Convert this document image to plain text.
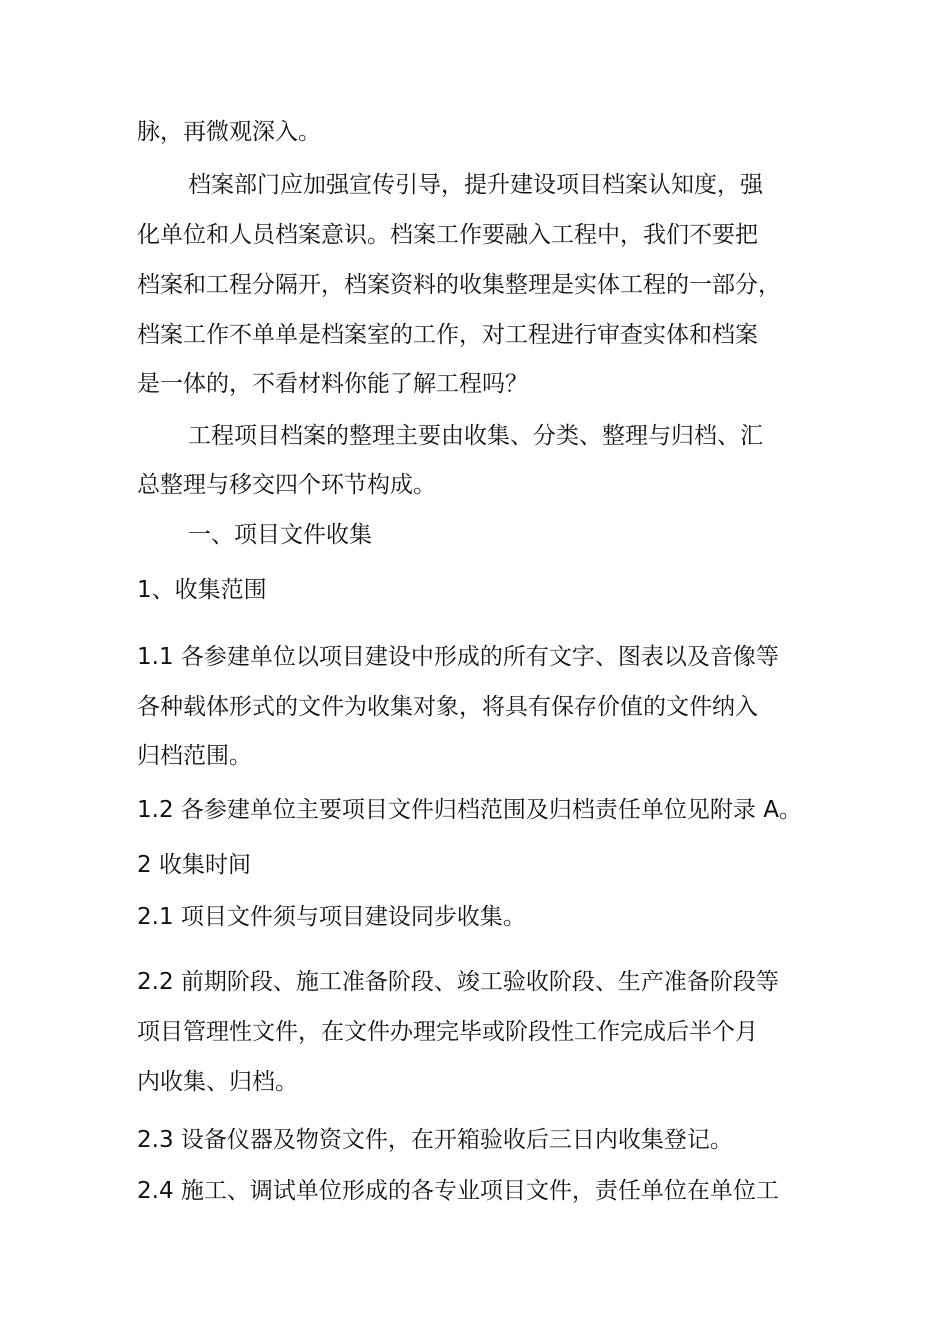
脉，再微观深入。

档案部门应加强宣传引导，提升建设项目档案认知度，强

化单位和人员档案意识。档案工作要融入工程中，我们不要把

档案和工程分隔开，档案资料的收集整理是实体工程的一部分，

档案工作不单单是档案室的工作，对工程进行审查实体和档案

是一体的，不看材料你能了解工程吗？

工程项目档案的整理主要由收集、分类、整理与归档、汇

总整理与移交四个环节构成。

一、项目文件收集

1、收集范围

1.1 各参建单位以项目建设中形成的所有文字、图表以及音像等

各种载体形式的文件为收集对象，将具有保存价值的文件纳入

归档范围。

1.2 各参建单位主要项目文件归档范围及归档责任单位见附录 A。

2 收集时间

2.1 项目文件须与项目建设同步收集。

2.2 前期阶段、施工准备阶段、竣工验收阶段、生产准备阶段等

项目管理性文件，在文件办理完毕或阶段性工作完成后半个月

内收集、归档。

2.3 设备仪器及物资文件，在开箱验收后三日内收集登记。

2.4 施工、调试单位形成的各专业项目文件，责任单位在单位工
